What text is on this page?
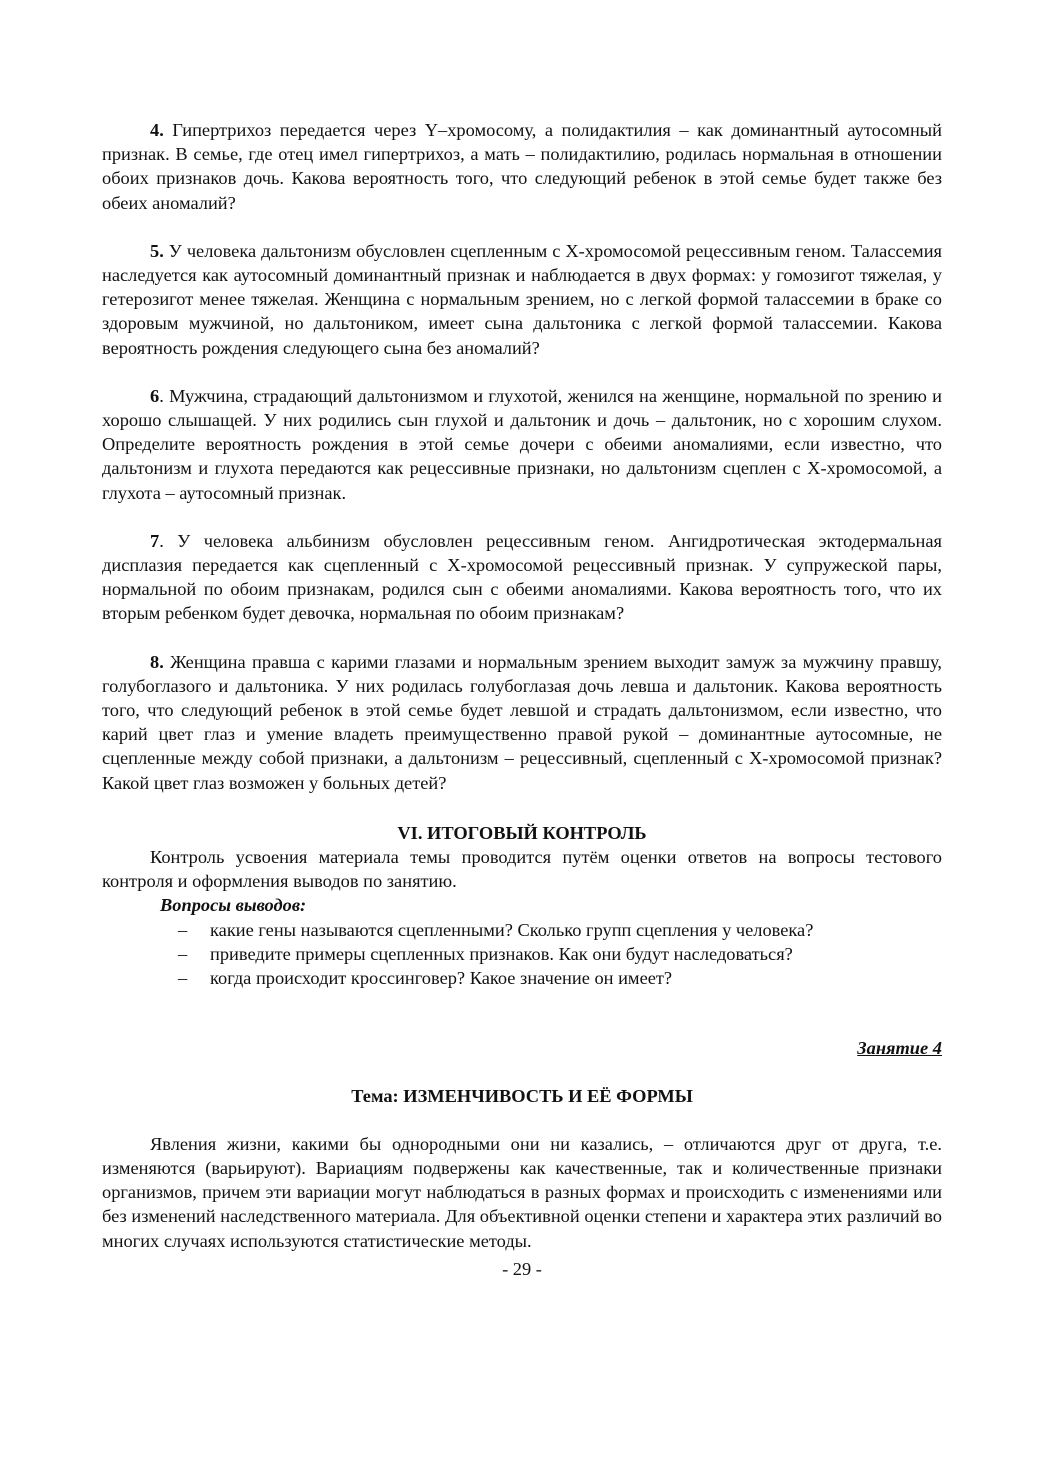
4. Гипертрихоз передается через Y–хромосому, а полидактилия – как доминантный аутосомный признак. В семье, где отец имел гипертрихоз, а мать – полидактилию, родилась нормальная в отношении обоих признаков дочь. Какова вероятность того, что следующий ребенок в этой семье будет также без обеих аномалий?

5. У человека дальтонизм обусловлен сцепленным с Х-хромосомой рецессивным геном. Талассемия наследуется как аутосомный доминантный признак и наблюдается в двух формах: у гомозигот тяжелая, у гетерозигот менее тяжелая. Женщина с нормальным зрением, но с легкой формой талассемии в браке со здоровым мужчиной, но дальтоником, имеет сына дальтоника с легкой формой талассемии. Какова вероятность рождения следующего сына без аномалий?

6. Мужчина, страдающий дальтонизмом и глухотой, женился на женщине, нормальной по зрению и хорошо слышащей. У них родились сын глухой и дальтоник и дочь – дальтоник, но с хорошим слухом. Определите вероятность рождения в этой семье дочери с обеими аномалиями, если известно, что дальтонизм и глухота передаются как рецессивные признаки, но дальтонизм сцеплен с Х-хромосомой, а глухота – аутосомный признак.

7. У человека альбинизм обусловлен рецессивным геном. Ангидротическая эктодермальная дисплазия передается как сцепленный с Х-хромосомой рецессивный признак. У супружеской пары, нормальной по обоим признакам, родился сын с обеими аномалиями. Какова вероятность того, что их вторым ребенком будет девочка, нормальная по обоим признакам?

8. Женщина правша с карими глазами и нормальным зрением выходит замуж за мужчину правшу, голубоглазого и дальтоника. У них родилась голубоглазая дочь левша и дальтоник. Какова вероятность того, что следующий ребенок в этой семье будет левшой и страдать дальтонизмом, если известно, что карий цвет глаз и умение владеть преимущественно правой рукой – доминантные аутосомные, не сцепленные между собой признаки, а дальтонизм – рецессивный, сцепленный с Х-хромосомой признак? Какой цвет глаз возможен у больных детей?

VI. ИТОГОВЫЙ КОНТРОЛЬ

Контроль усвоения материала темы проводится путём оценки ответов на вопросы тестового контроля и оформления выводов по занятию.

Вопросы выводов:

– какие гены называются сцепленными? Сколько групп сцепления у человека?
– приведите примеры сцепленных признаков. Как они будут наследоваться?
– когда происходит кроссинговер? Какое значение он имеет?

Занятие 4

Тема: ИЗМЕНЧИВОСТЬ И ЕЁ ФОРМЫ

Явления жизни, какими бы однородными они ни казались, – отличаются друг от друга, т.е. изменяются (варьируют). Вариациям подвержены как качественные, так и количественные признаки организмов, причем эти вариации могут наблюдаться в разных формах и происходить с изменениями или без изменений наследственного материала. Для объективной оценки степени и характера этих различий во многих случаях используются статистические методы.

- 29 -
